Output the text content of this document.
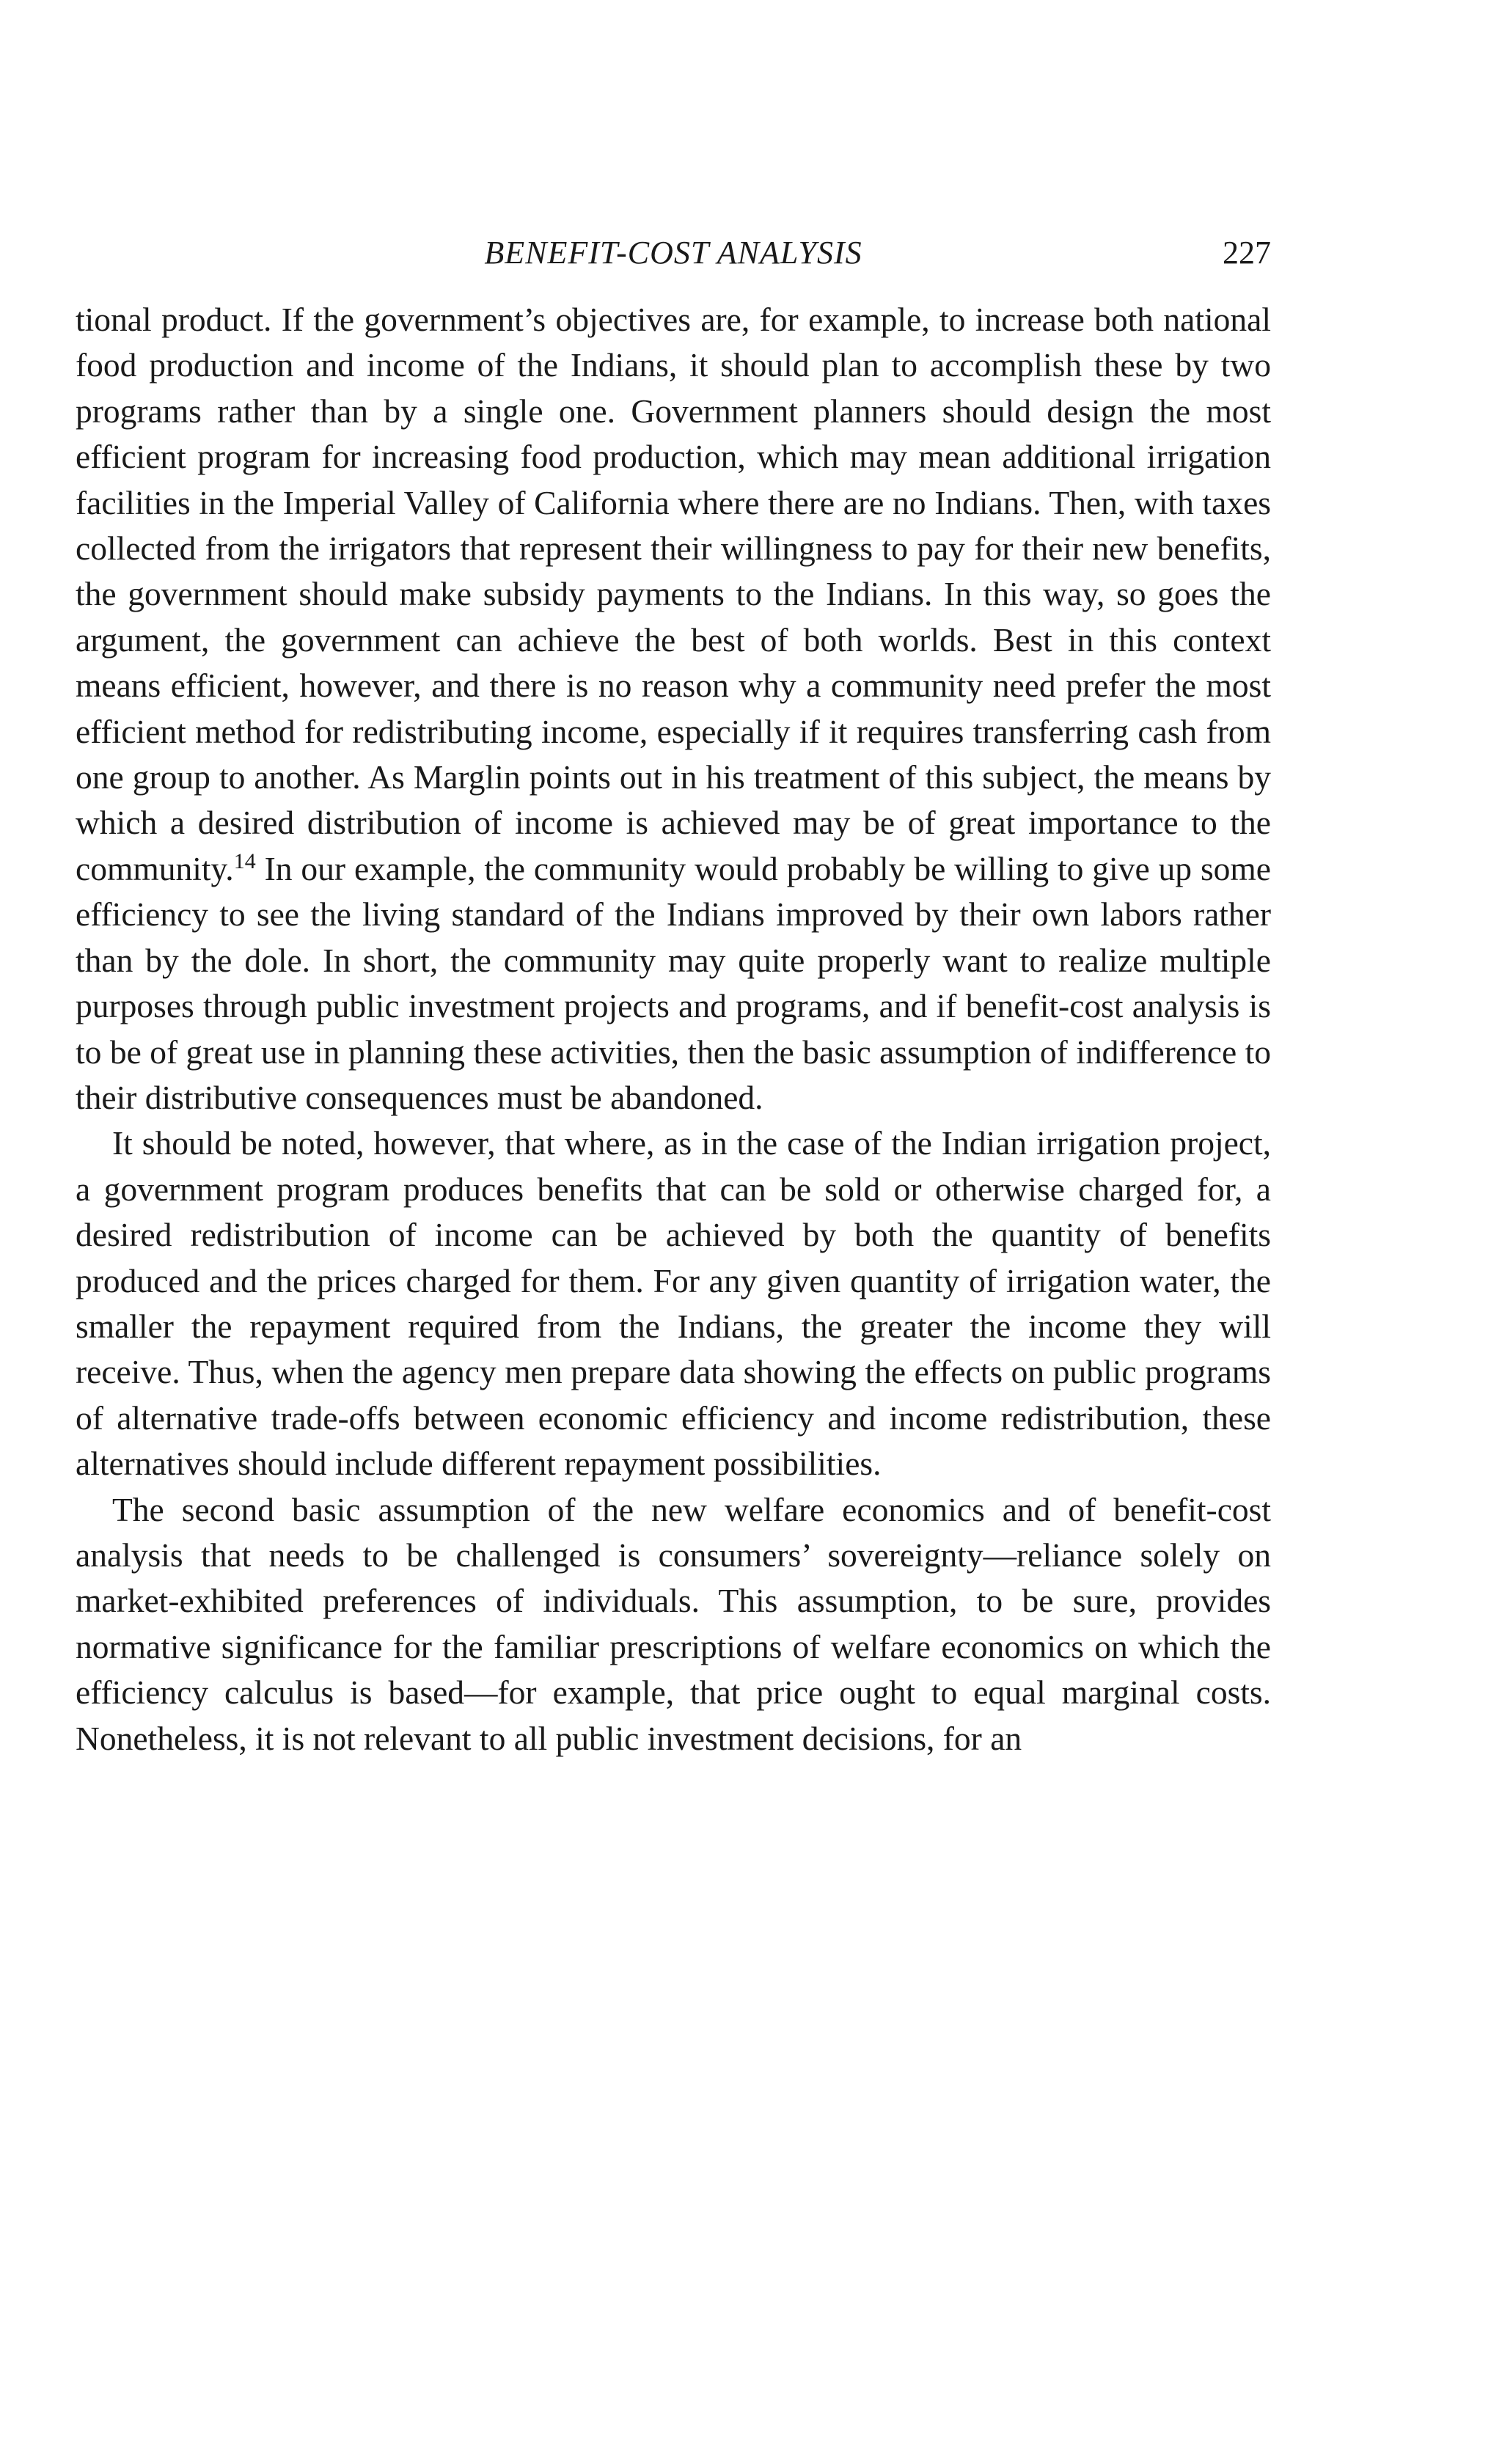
BENEFIT-COST ANALYSIS	227

tional product. If the government’s objectives are, for example, to increase both national food production and income of the Indians, it should plan to accomplish these by two programs rather than by a single one. Government planners should design the most efficient program for increasing food production, which may mean additional irrigation facilities in the Imperial Valley of California where there are no Indians. Then, with taxes collected from the irrigators that represent their willingness to pay for their new benefits, the government should make subsidy payments to the Indians. In this way, so goes the argument, the government can achieve the best of both worlds. Best in this context means efficient, however, and there is no reason why a community need prefer the most efficient method for redistributing income, especially if it requires transferring cash from one group to another. As Marglin points out in his treatment of this subject, the means by which a desired distribution of income is achieved may be of great importance to the community.$^{14}$ In our example, the community would probably be willing to give up some efficiency to see the living standard of the Indians improved by their own labors rather than by the dole. In short, the community may quite properly want to realize multiple purposes through public investment projects and programs, and if benefit-cost analysis is to be of great use in planning these activities, then the basic assumption of indifference to their distributive consequences must be abandoned.

It should be noted, however, that where, as in the case of the Indian irrigation project, a government program produces benefits that can be sold or otherwise charged for, a desired redistribution of income can be achieved by both the quantity of benefits produced and the prices charged for them. For any given quantity of irrigation water, the smaller the repayment required from the Indians, the greater the income they will receive. Thus, when the agency men prepare data showing the effects on public programs of alternative trade-offs between economic efficiency and income redistribution, these alternatives should include different repayment possibilities.

The second basic assumption of the new welfare economics and of benefit-cost analysis that needs to be challenged is consumers’ sovereignty—reliance solely on market-exhibited preferences of individuals. This assumption, to be sure, provides normative significance for the familiar prescriptions of welfare economics on which the efficiency calculus is based—for example, that price ought to equal marginal costs. Nonetheless, it is not relevant to all public investment decisions, for an
